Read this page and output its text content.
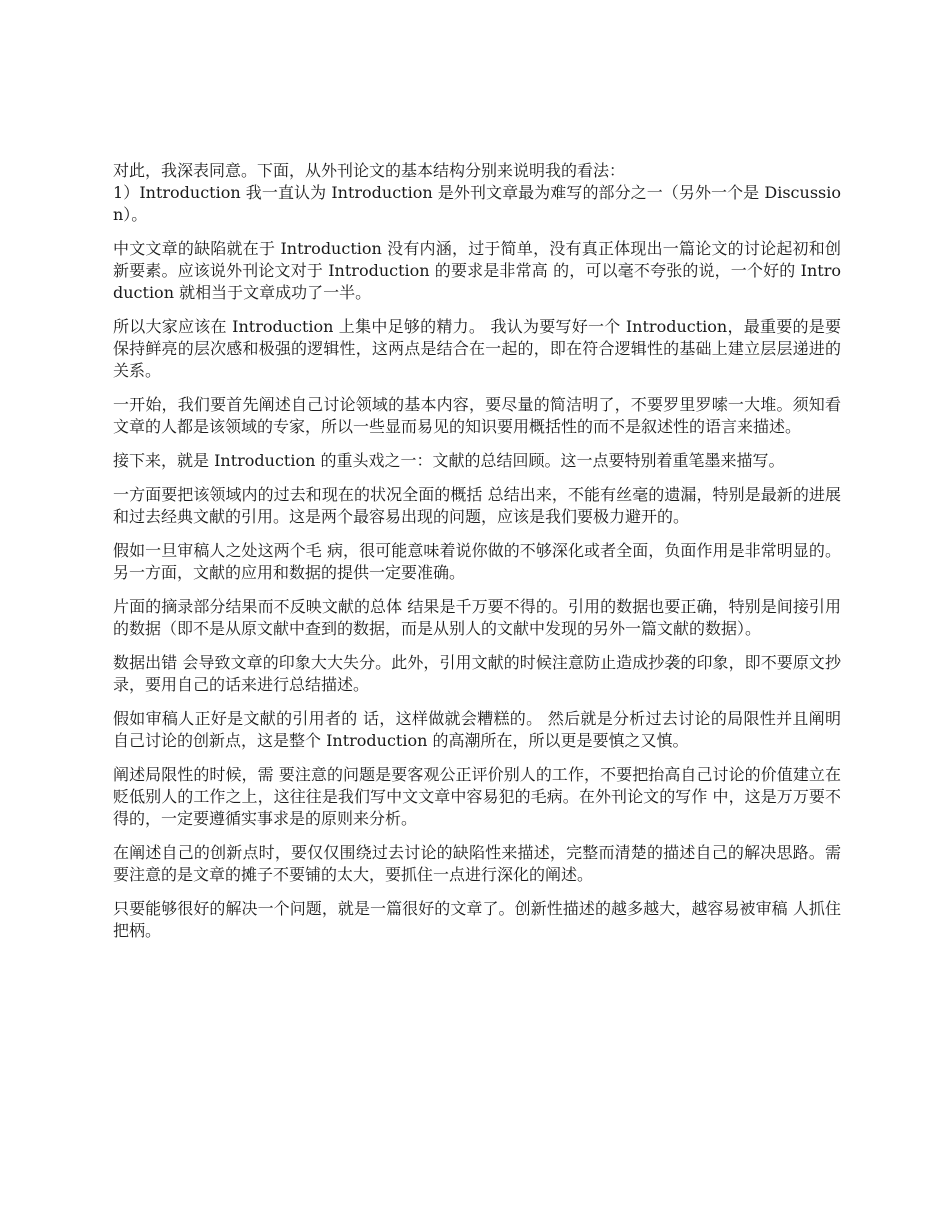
对此，我深表同意。下面，从外刊论文的基本结构分别来说明我的看法：

1）Introduction 我一直认为 Introduction 是外刊文章最为难写的部分之一（另外一个是 Discussion）。

中文文章的缺陷就在于 Introduction 没有内涵，过于简单，没有真正体现出一篇论文的讨论起初和创新要素。应该说外刊论文对于 Introduction 的要求是非常高 的，可以毫不夸张的说，一个好的 Introduction 就相当于文章成功了一半。

所以大家应该在 Introduction 上集中足够的精力。 我认为要写好一个 Introduction，最重要的是要保持鲜亮的层次感和极强的逻辑性，这两点是结合在一起的，即在符合逻辑性的基础上建立层层递进的关系。

一开始，我们要首先阐述自己讨论领域的基本内容，要尽量的简洁明了，不要罗里罗嗦一大堆。须知看文章的人都是该领域的专家，所以一些显而易见的知识要用概括性的而不是叙述性的语言来描述。

接下来，就是 Introduction 的重头戏之一：文献的总结回顾。这一点要特别着重笔墨来描写。

一方面要把该领域内的过去和现在的状况全面的概括 总结出来，不能有丝毫的遗漏，特别是最新的进展和过去经典文献的引用。这是两个最容易出现的问题，应该是我们要极力避开的。

假如一旦审稿人之处这两个毛 病，很可能意味着说你做的不够深化或者全面，负面作用是非常明显的。另一方面，文献的应用和数据的提供一定要准确。

片面的摘录部分结果而不反映文献的总体 结果是千万要不得的。引用的数据也要正确，特别是间接引用的数据（即不是从原文献中查到的数据，而是从别人的文献中发现的另外一篇文献的数据）。

数据出错 会导致文章的印象大大失分。此外，引用文献的时候注意防止造成抄袭的印象，即不要原文抄录，要用自己的话来进行总结描述。

假如审稿人正好是文献的引用者的 话，这样做就会糟糕的。 然后就是分析过去讨论的局限性并且阐明自己讨论的创新点，这是整个 Introduction 的高潮所在，所以更是要慎之又慎。

阐述局限性的时候，需 要注意的问题是要客观公正评价别人的工作，不要把抬高自己讨论的价值建立在贬低别人的工作之上，这往往是我们写中文文章中容易犯的毛病。在外刊论文的写作 中，这是万万要不得的，一定要遵循实事求是的原则来分析。

在阐述自己的创新点时，要仅仅围绕过去讨论的缺陷性来描述，完整而清楚的描述自己的解决思路。需 要注意的是文章的摊子不要铺的太大，要抓住一点进行深化的阐述。

只要能够很好的解决一个问题，就是一篇很好的文章了。创新性描述的越多越大，越容易被审稿 人抓住把柄。
